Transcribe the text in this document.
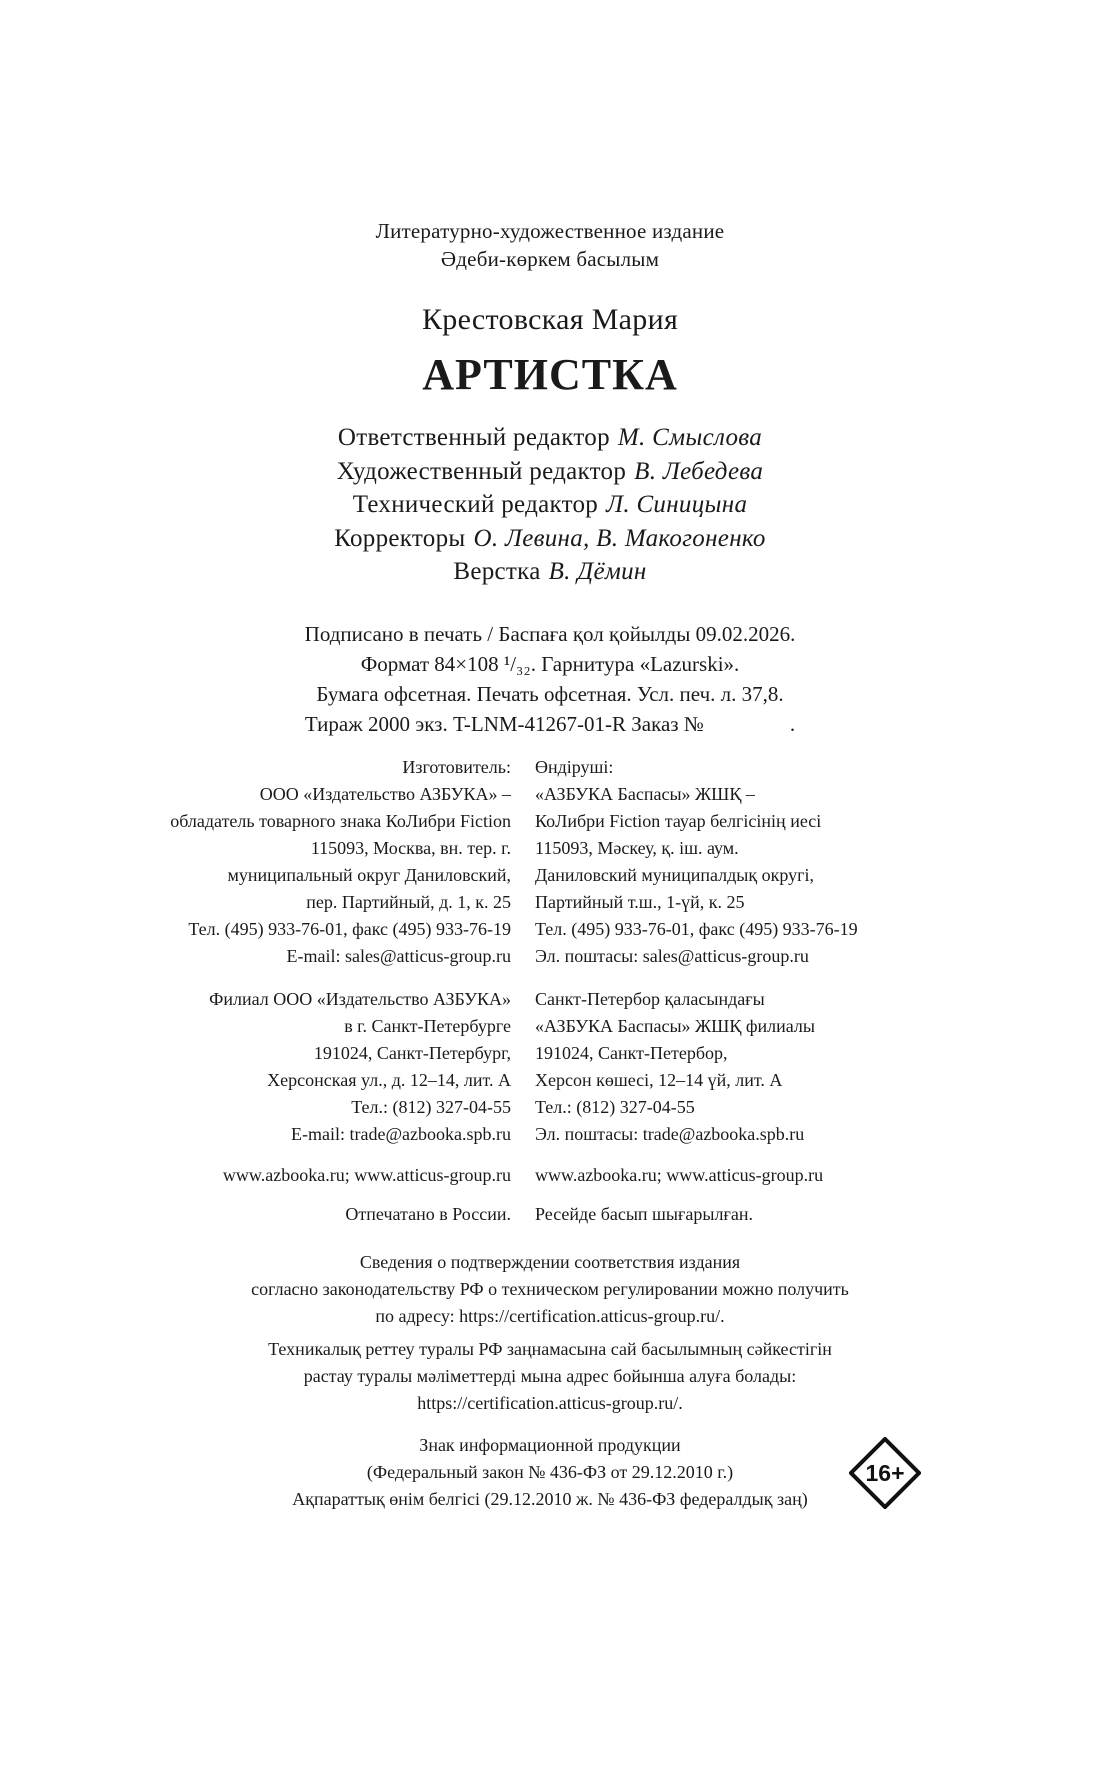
Литературно-художественное издание
Әдеби-көркем басылым
Крестовская Мария
АРТИСТКА
Ответственный редактор М. Смыслова
Художественный редактор В. Лебедева
Технический редактор Л. Синицына
Корректоры О. Левина, В. Макогоненко
Верстка В. Дёмин
Подписано в печать / Баспаға қол қойылды 09.02.2026.
Формат 84×108 ¹/₃₂. Гарнитура «Lazurski».
Бумага офсетная. Печать офсетная. Усл. печ. л. 37,8.
Тираж 2000 экз. T-LNM-41267-01-R Заказ №	.
Изготовитель:
ООО «Издательство АЗБУКА» –
обладатель товарного знака КоЛибри Fiction
115093, Москва, вн. тер. г.
муниципальный округ Даниловский,
пер. Партийный, д. 1, к. 25
Тел. (495) 933-76-01, факс (495) 933-76-19
E-mail: sales@atticus-group.ru
Өндіруші:
«АЗБУКА Баспасы» ЖШҚ –
КоЛибри Fiction тауар белгісінің иесі
115093, Мәскеу, қ. іш. аум.
Даниловский муниципалдық округі,
Партийный т.ш., 1-үй, к. 25
Тел. (495) 933-76-01, факс (495) 933-76-19
Эл. поштасы: sales@atticus-group.ru
Филиал ООО «Издательство АЗБУКА»
в г. Санкт-Петербурге
191024, Санкт-Петербург,
Херсонская ул., д. 12–14, лит. А
Тел.: (812) 327-04-55
E-mail: trade@azbooka.spb.ru
Санкт-Петербор қаласындағы
«АЗБУКА Баспасы» ЖШҚ филиалы
191024, Санкт-Петербор,
Херсон көшесі, 12–14 үй, лит. А
Тел.: (812) 327-04-55
Эл. поштасы: trade@azbooka.spb.ru
www.azbooka.ru; www.atticus-group.ru www.azbooka.ru; www.atticus-group.ru
Отпечатано в России. Ресейде басып шығарылған.
Сведения о подтверждении соответствия издания
согласно законодательству РФ о техническом регулировании можно получить
по адресу: https://certification.atticus-group.ru/.
Техникалық реттеу туралы РФ заңнамасына сай басылымның сәйкестігін
растау туралы мәліметтерді мына адрес бойынша алуға болады:
https://certification.atticus-group.ru/.
Знак информационной продукции
(Федеральный закон № 436-ФЗ от 29.12.2010 г.)
Ақпараттық өнім белгісі (29.12.2010 ж. № 436-ФЗ федералдық заң)
16+
